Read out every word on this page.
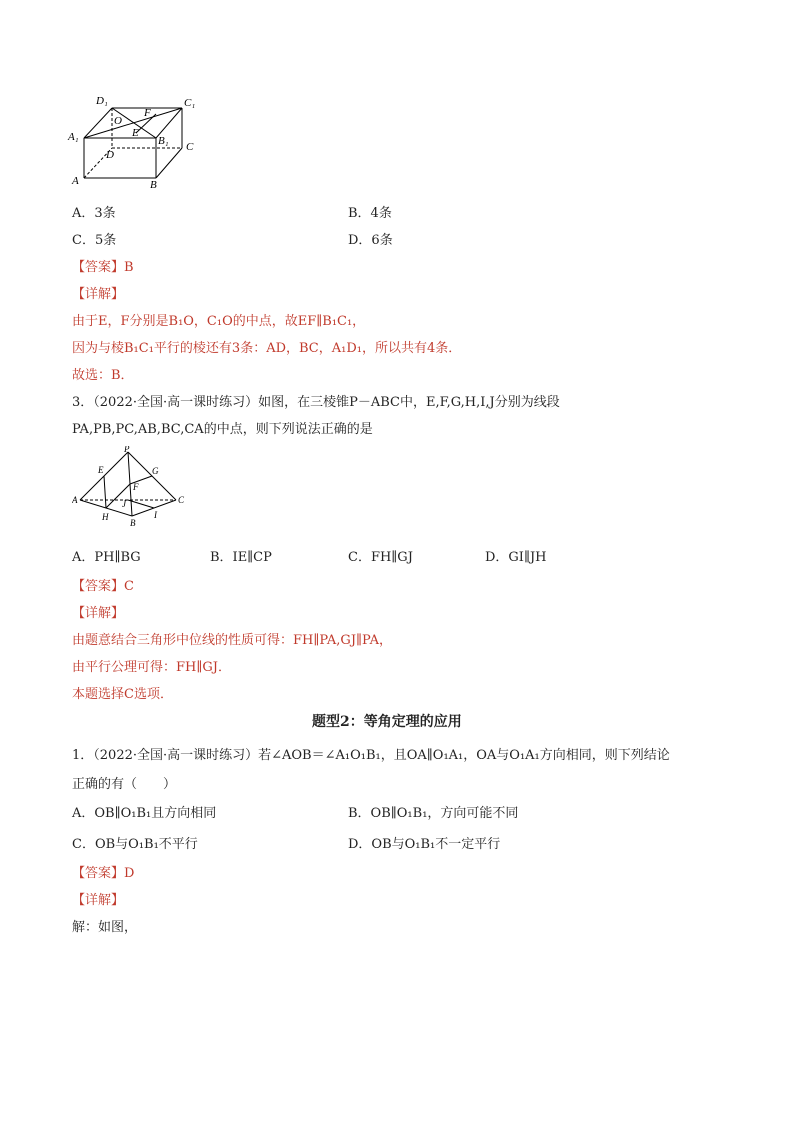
D₁	C₁
A₁	B₁
O
F
E
D
C
A	B
A．3条	B．4条
C．5条	D．6条
【答案】B
【详解】
由于E，F分别是B₁O，C₁O的中点，故EF∥B₁C₁，
因为与棱B₁C₁平行的棱还有3条：AD，BC，A₁D₁，所以共有4条．
故选：B．
3．（2022·全国·高一课时练习）如图，在三棱锥P－ABC中，E,F,G,H,I,J分别为线段
PA,PB,PC,AB,BC,CA的中点，则下列说法正确的是
P
E	G
F
A	C
J
H	I
B
A．PH∥BG	B．IE∥CP	C．FH∥GJ	D．GI∥JH
【答案】C
【详解】
由题意结合三角形中位线的性质可得：FH∥PA,GJ∥PA，
由平行公理可得：FH∥GJ．
本题选择C选项．
题型2：等角定理的应用
1．（2022·全国·高一课时练习）若∠AOB＝∠A₁O₁B₁，且OA∥O₁A₁，OA与O₁A₁方向相同，则下列结论
正确的有（　　）
A．OB∥O₁B₁且方向相同	B．OB∥O₁B₁，方向可能不同
C．OB与O₁B₁不平行	D．OB与O₁B₁不一定平行
【答案】D
【详解】
解：如图，
